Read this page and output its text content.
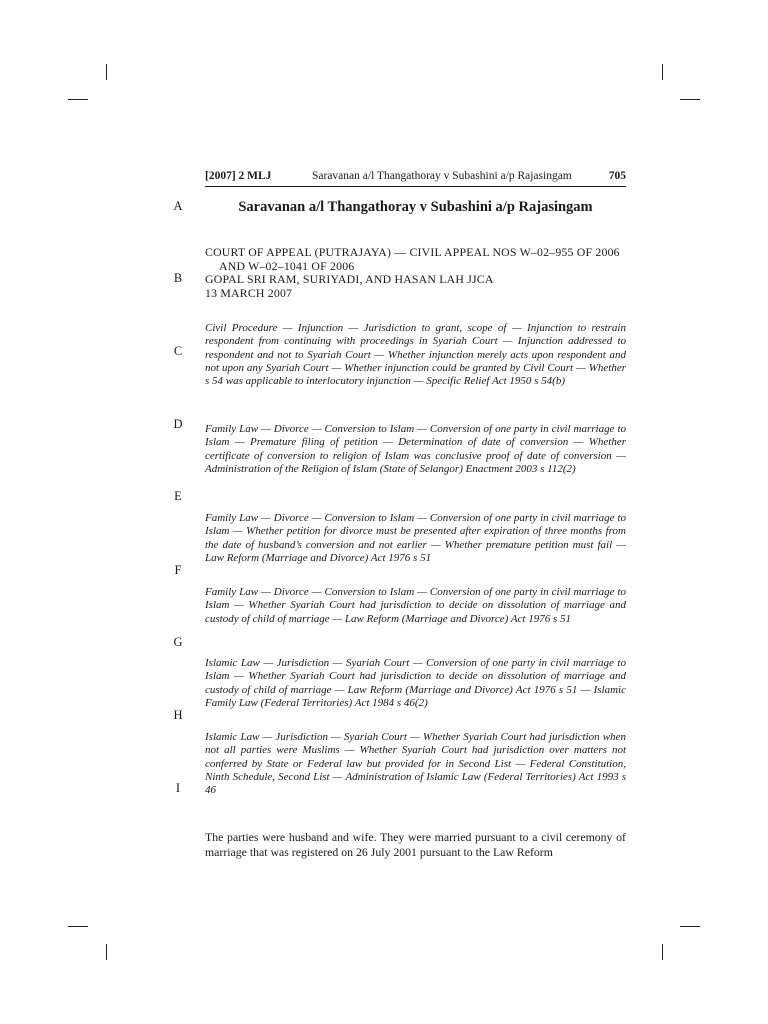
[2007] 2 MLJ	Saravanan a/l Thangathoray v Subashini a/p Rajasingam	705
A
B
C
D
E
F
G
H
I
Saravanan a/l Thangathoray v Subashini a/p Rajasingam
COURT OF APPEAL (PUTRAJAYA) — CIVIL APPEAL NOS W–02–955 OF 2006 AND W–02–1041 OF 2006
GOPAL SRI RAM, SURIYADI, AND HASAN LAH JJCA
13 MARCH 2007
Civil Procedure — Injunction — Jurisdiction to grant, scope of — Injunction to restrain respondent from continuing with proceedings in Syariah Court — Injunction addressed to respondent and not to Syariah Court — Whether injunction merely acts upon respondent and not upon any Syariah Court — Whether injunction could be granted by Civil Court — Whether s 54 was applicable to interlocutory injunction — Specific Relief Act 1950 s 54(b)
Family Law — Divorce — Conversion to Islam — Conversion of one party in civil marriage to Islam — Premature filing of petition — Determination of date of conversion — Whether certificate of conversion to religion of Islam was conclusive proof of date of conversion — Administration of the Religion of Islam (State of Selangor) Enactment 2003 s 112(2)
Family Law — Divorce — Conversion to Islam — Conversion of one party in civil marriage to Islam — Whether petition for divorce must be presented after expiration of three months from the date of husband’s conversion and not earlier — Whether premature petition must fail — Law Reform (Marriage and Divorce) Act 1976 s 51
Family Law — Divorce — Conversion to Islam — Conversion of one party in civil marriage to Islam — Whether Syariah Court had jurisdiction to decide on dissolution of marriage and custody of child of marriage — Law Reform (Marriage and Divorce) Act 1976 s 51
Islamic Law — Jurisdiction — Syariah Court — Conversion of one party in civil marriage to Islam — Whether Syariah Court had jurisdiction to decide on dissolution of marriage and custody of child of marriage — Law Reform (Marriage and Divorce) Act 1976 s 51 — Islamic Family Law (Federal Territories) Act 1984 s 46(2)
Islamic Law — Jurisdiction — Syariah Court — Whether Syariah Court had jurisdiction when not all parties were Muslims — Whether Syariah Court had jurisdiction over matters not conferred by State or Federal law but provided for in Second List — Federal Constitution, Ninth Schedule, Second List — Administration of Islamic Law (Federal Territories) Act 1993 s 46
The parties were husband and wife. They were married pursuant to a civil ceremony of marriage that was registered on 26 July 2001 pursuant to the Law Reform
